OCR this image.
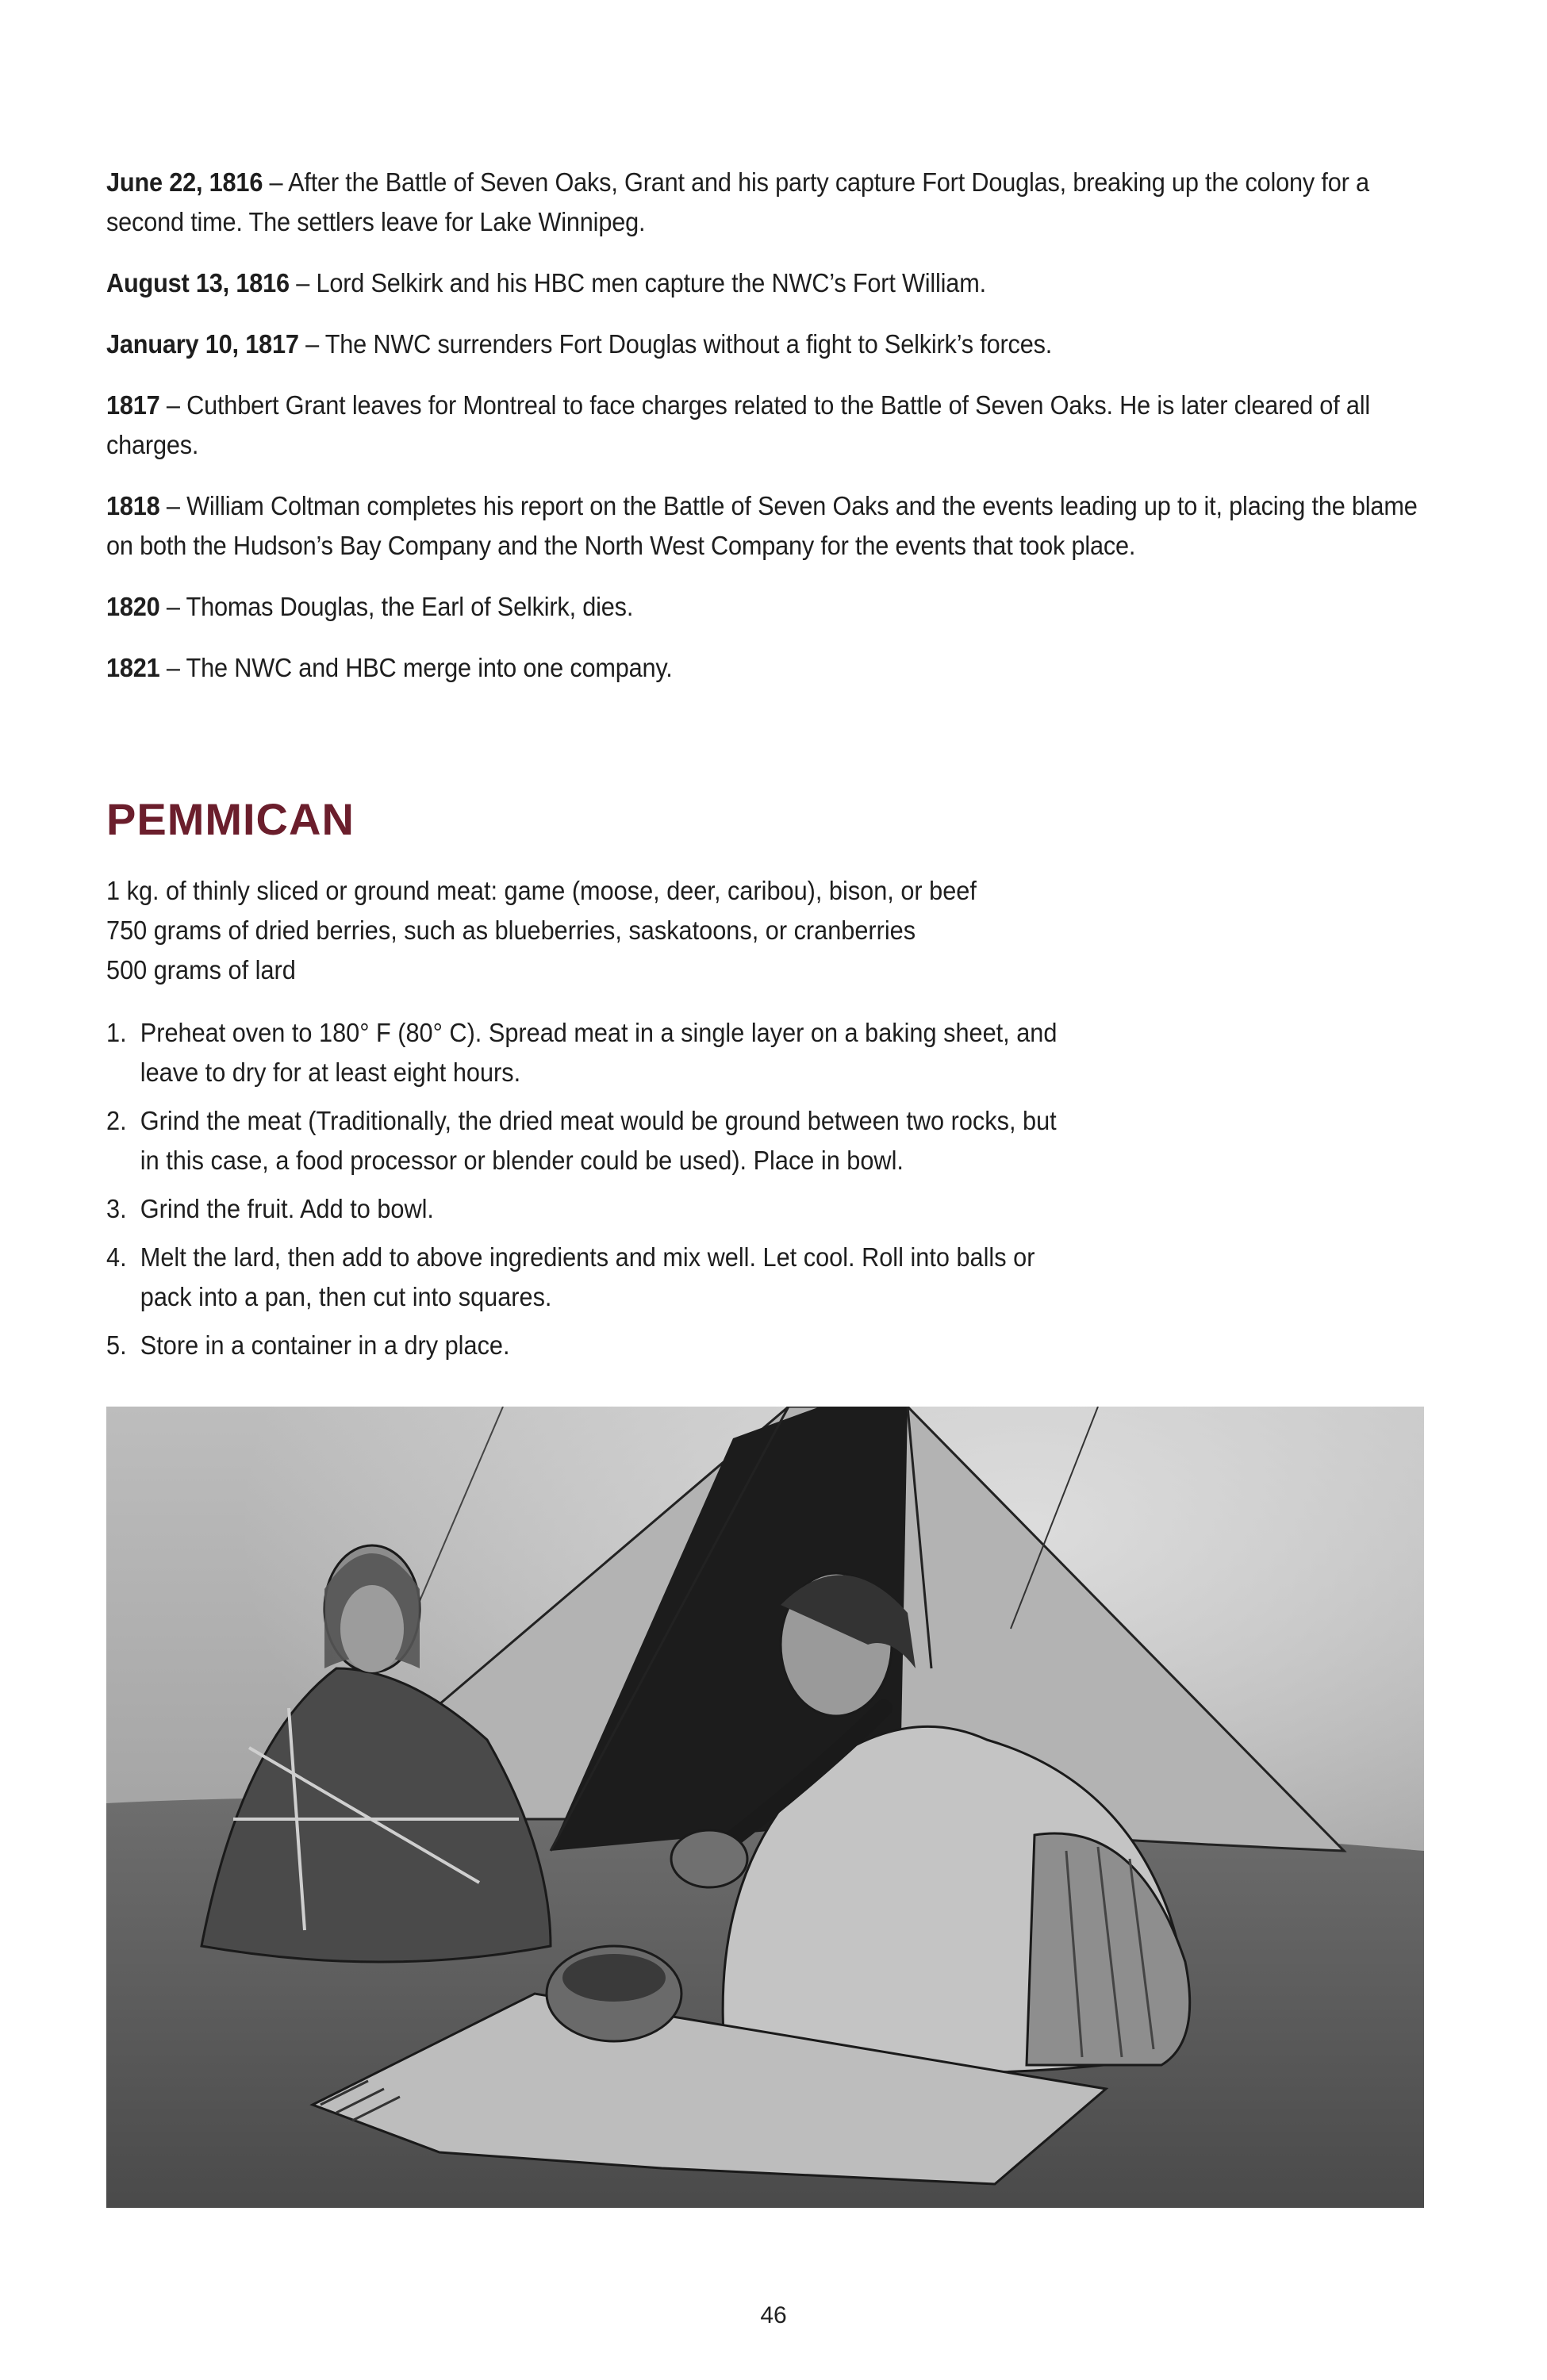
June 22, 1816 – After the Battle of Seven Oaks, Grant and his party capture Fort Douglas, breaking up the colony for a second time. The settlers leave for Lake Winnipeg.

August 13, 1816 – Lord Selkirk and his HBC men capture the NWC’s Fort William.

January 10, 1817 – The NWC surrenders Fort Douglas without a fight to Selkirk’s forces.

1817 – Cuthbert Grant leaves for Montreal to face charges related to the Battle of Seven Oaks. He is later cleared of all charges.

1818 – William Coltman completes his report on the Battle of Seven Oaks and the events leading up to it, placing the blame on both the Hudson’s Bay Company and the North West Company for the events that took place.

1820 – Thomas Douglas, the Earl of Selkirk, dies.

1821 – The NWC and HBC merge into one company.

PEMMICAN
1 kg. of thinly sliced or ground meat: game (moose, deer, caribou), bison, or beef
750 grams of dried berries, such as blueberries, saskatoons, or cranberries
500 grams of lard
1. Preheat oven to 180° F (80° C). Spread meat in a single layer on a baking sheet, and leave to dry for at least eight hours.
2. Grind the meat (Traditionally, the dried meat would be ground between two rocks, but in this case, a food processor or blender could be used). Place in bowl.
3. Grind the fruit. Add to bowl.
4. Melt the lard, then add to above ingredients and mix well. Let cool. Roll into balls or pack into a pan, then cut into squares.
5. Store in a container in a dry place.
46
